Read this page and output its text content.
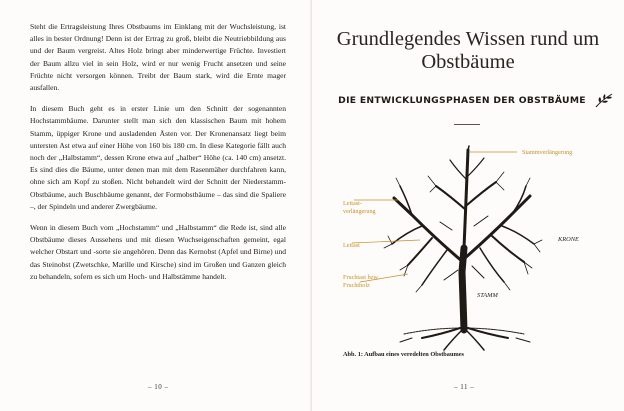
Steht die Ertragsleistung Ihres Obstbaums im Einklang mit der Wuchsleistung, ist alles in bester Ordnung! Denn ist der Ertrag zu groß, bleibt die Neutriebbildung aus und der Baum vergreist. Altes Holz bringt aber minderwertige Früchte. Investiert der Baum allzu viel in sein Holz, wird er nur wenig Frucht ansetzen und seine Früchte nicht versorgen können. Treibt der Baum stark, wird die Ernte mager ausfallen.

In diesem Buch geht es in erster Linie um den Schnitt der sogenannten Hochstammbäume. Darunter stellt man sich den klassischen Baum mit hohem Stamm, üppiger Krone und ausladenden Ästen vor. Der Kronenansatz liegt beim untersten Ast etwa auf einer Höhe von 160 bis 180 cm. In diese Kategorie fällt auch noch der „Halbstamm“, dessen Krone etwa auf „halber“ Höhe (ca. 140 cm) ansetzt. Es sind dies die Bäume, unter denen man mit dem Rasenmäher durchfahren kann, ohne sich am Kopf zu stoßen. Nicht behandelt wird der Schnitt der Niederstamm-Obstbäume, auch Buschbäume genannt, der Formobstbäume – das sind die Spaliere –, der Spindeln und anderer Zwergbäume.

Wenn in diesem Buch vom „Hochstamm“ und „Halbstamm“ die Rede ist, sind alle Obstbäume dieses Aussehens und mit diesen Wuchseigenschaften gemeint, egal welcher Obstart und -sorte sie angehören. Denn das Kernobst (Apfel und Birne) und das Steinobst (Zwetschke, Marille und Kirsche) sind im Großen und Ganzen gleich zu behandeln, sofern es sich um Hoch- und Halbstämme handelt.

– 10 –
Grundlegendes Wissen rund um Obstbäume
DIE ENTWICKLUNGSPHASEN DER OBSTBÄUME
– 11 –
Stammverlängerung
Leitast-verlängerung
Leitast
Fruchtast bzw. Fruchtholz
KRONE
STAMM
Abb. 1: Aufbau eines veredelten Obstbaumes
